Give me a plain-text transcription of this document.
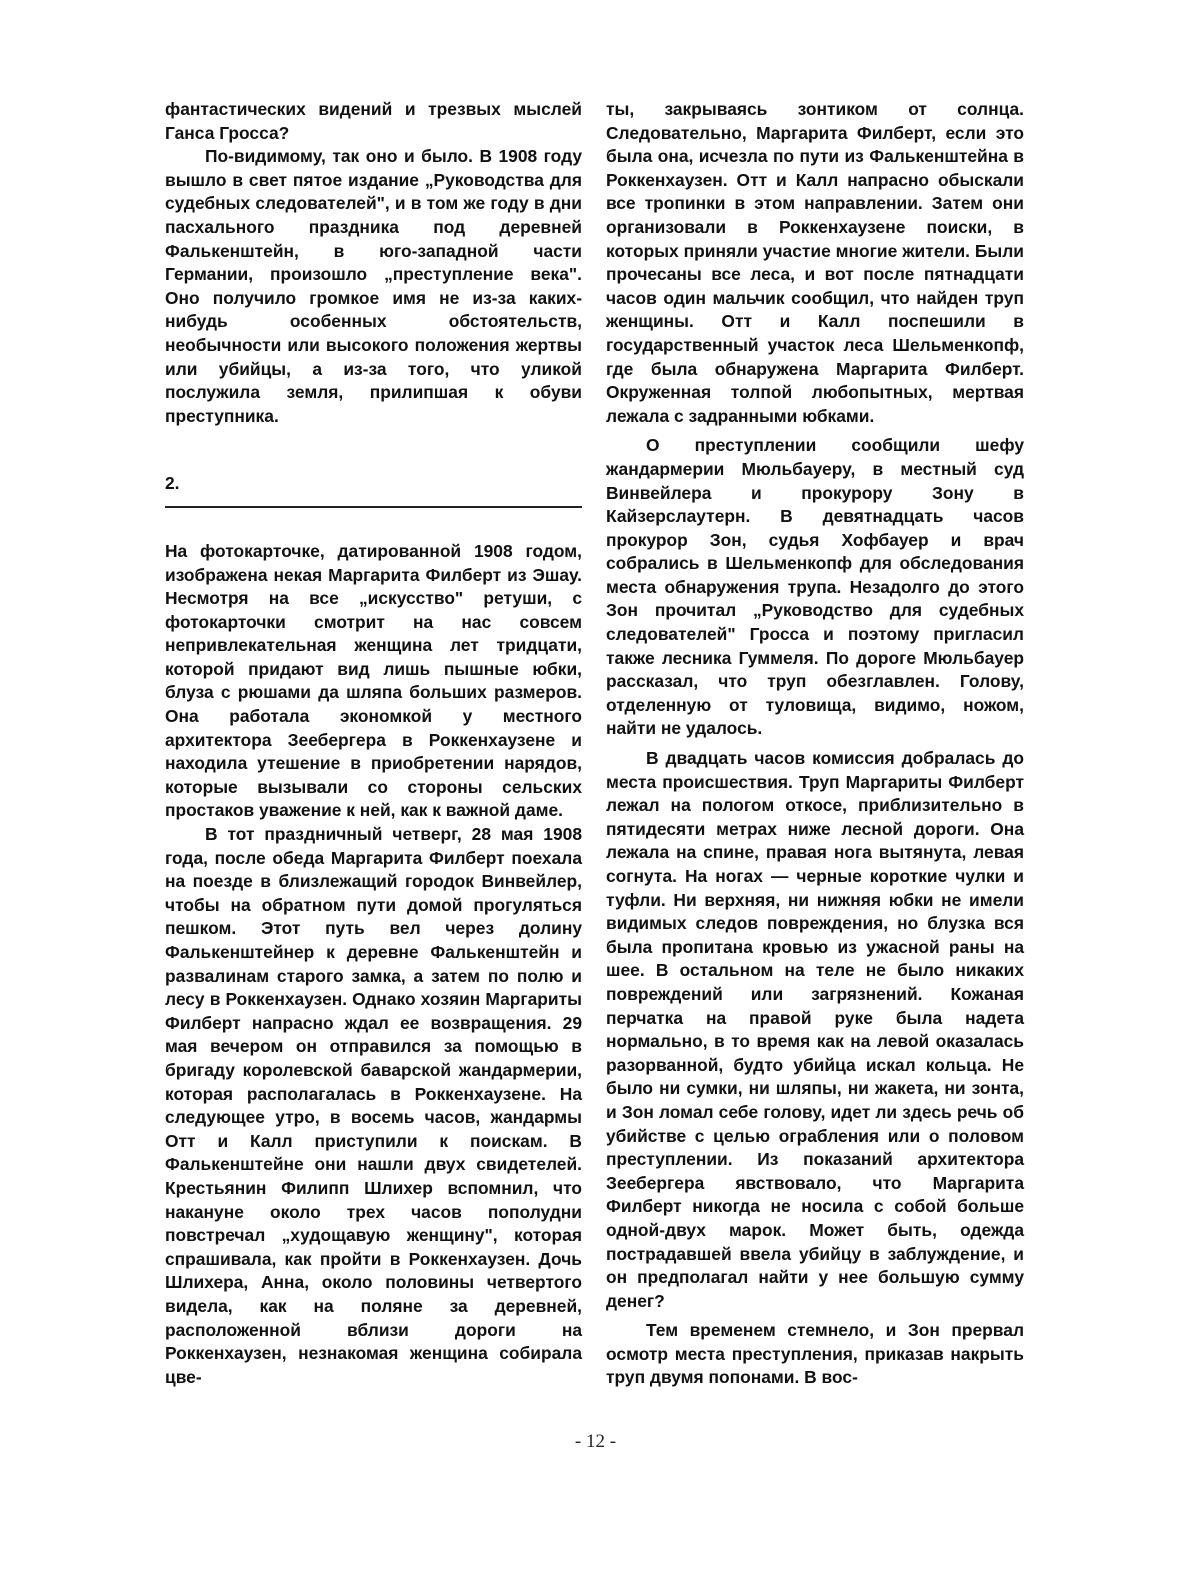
фантастических видений и трезвых мыслей Ганса Гросса?

По-видимому, так оно и было. В 1908 году вышло в свет пятое издание „Руководства для судебных следователей", и в том же году в дни пасхального праздника под деревней Фалькенштейн, в юго-западной части Германии, произошло „преступление века". Оно получило громкое имя не из-за каких-нибудь особенных обстоятельств, необычности или высокого положения жертвы или убийцы, а из-за того, что уликой послужила земля, прилипшая к обуви преступника.

2.

На фотокарточке, датированной 1908 годом, изображена некая Маргарита Филберт из Эшау. Несмотря на все „искусство" ретуши, с фотокарточки смотрит на нас совсем непривлекательная женщина лет тридцати, которой придают вид лишь пышные юбки, блуза с рюшами да шляпа больших размеров. Она работала экономкой у местного архитектора Зеебергера в Роккенхаузене и находила утешение в приобретении нарядов, которые вызывали со стороны сельских простаков уважение к ней, как к важной даме.

В тот праздничный четверг, 28 мая 1908 года, после обеда Маргарита Филберт поехала на поезде в близлежащий городок Винвейлер, чтобы на обратном пути домой прогуляться пешком. Этот путь вел через долину Фалькенштейнер к деревне Фалькенштейн и развалинам старого замка, а затем по полю и лесу в Роккенхаузен. Однако хозяин Маргариты Филберт напрасно ждал ее возвращения. 29 мая вечером он отправился за помощью в бригаду королевской баварской жандармерии, которая располагалась в Роккенхаузене. На следующее утро, в восемь часов, жандармы Отт и Калл приступили к поискам. В Фалькенштейне они нашли двух свидетелей. Крестьянин Филипп Шлихер вспомнил, что накануне около трех часов пополудни повстречал „худощавую женщину", которая спрашивала, как пройти в Роккенхаузен. Дочь Шлихера, Анна, около половины четвертого видела, как на поляне за деревней, расположенной вблизи дороги на Роккенхаузен, незнакомая женщина собирала цве-

ты, закрываясь зонтиком от солнца. Следовательно, Маргарита Филберт, если это была она, исчезла по пути из Фалькенштейна в Роккенхаузен. Отт и Калл напрасно обыскали все тропинки в этом направлении. Затем они организовали в Роккенхаузене поиски, в которых приняли участие многие жители. Были прочесаны все леса, и вот после пятнадцати часов один мальчик сообщил, что найден труп женщины. Отт и Калл поспешили в государственный участок леса Шельменкопф, где была обнаружена Маргарита Филберт. Окруженная толпой любопытных, мертвая лежала с задранными юбками.

О преступлении сообщили шефу жандармерии Мюльбауеру, в местный суд Винвейлера и прокурору Зону в Кайзерслаутерн. В девятнадцать часов прокурор Зон, судья Хофбауер и врач собрались в Шельменкопф для обследования места обнаружения трупа. Незадолго до этого Зон прочитал „Руководство для судебных следователей" Гросса и поэтому пригласил также лесника Гуммеля. По дороге Мюльбауер рассказал, что труп обезглавлен. Голову, отделенную от туловища, видимо, ножом, найти не удалось.

В двадцать часов комиссия добралась до места происшествия. Труп Маргариты Филберт лежал на пологом откосе, приблизительно в пятидесяти метрах ниже лесной дороги. Она лежала на спине, правая нога вытянута, левая согнута. На ногах — черные короткие чулки и туфли. Ни верхняя, ни нижняя юбки не имели видимых следов повреждения, но блузка вся была пропитана кровью из ужасной раны на шее. В остальном на теле не было никаких повреждений или загрязнений. Кожаная перчатка на правой руке была надета нормально, в то время как на левой оказалась разорванной, будто убийца искал кольца. Не было ни сумки, ни шляпы, ни жакета, ни зонта, и Зон ломал себе голову, идет ли здесь речь об убийстве с целью ограбления или о половом преступлении. Из показаний архитектора Зеебергера явствовало, что Маргарита Филберт никогда не носила с собой больше одной-двух марок. Может быть, одежда пострадавшей ввела убийцу в заблуждение, и он предполагал найти у нее большую сумму денег?

Тем временем стемнело, и Зон прервал осмотр места преступления, приказав накрыть труп двумя попонами. В вос-

- 12 -
